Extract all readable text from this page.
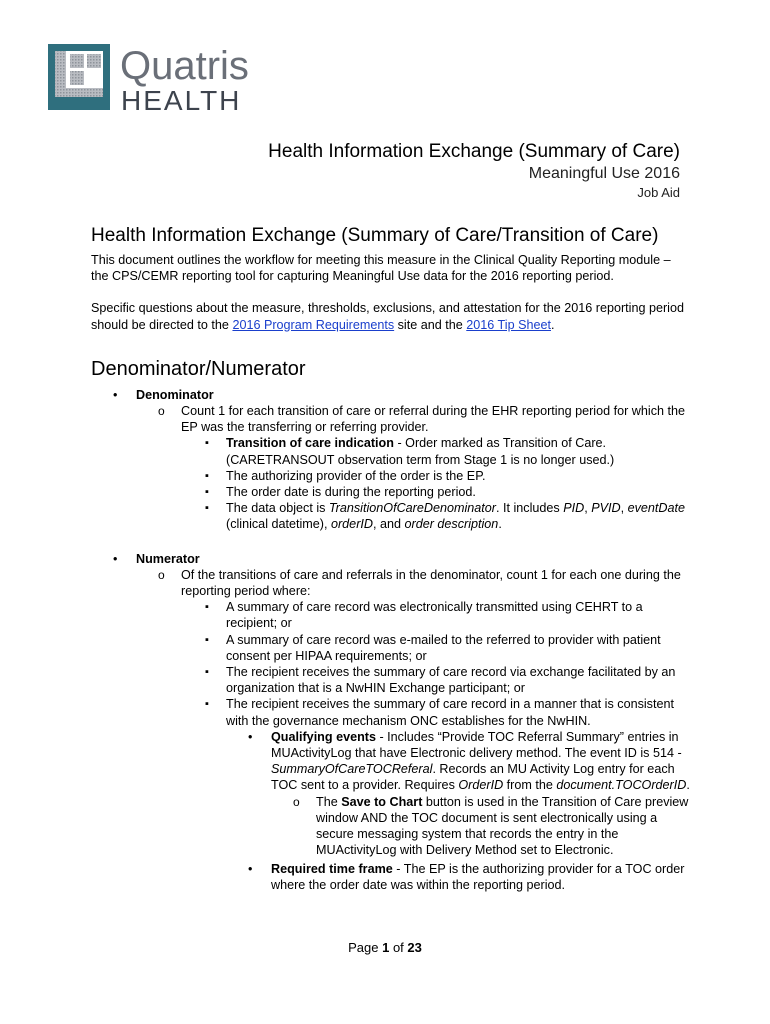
Quatris
HEALTH
Health Information Exchange (Summary of Care)
Meaningful Use 2016
Job Aid
Health Information Exchange (Summary of Care/Transition of Care)

This document outlines the workflow for meeting this measure in the Clinical Quality Reporting module – the CPS/CEMR reporting tool for capturing Meaningful Use data for the 2016 reporting period.

Specific questions about the measure, thresholds, exclusions, and attestation for the 2016 reporting period should be directed to the 2016 Program Requirements site and the 2016 Tip Sheet.

Denominator/Numerator
• Denominator
o Count 1 for each transition of care or referral during the EHR reporting period for which the EP was the transferring or referring provider.
▪ Transition of care indication - Order marked as Transition of Care. (CARETRANSOUT observation term from Stage 1 is no longer used.)
▪ The authorizing provider of the order is the EP.
▪ The order date is during the reporting period.
▪ The data object is TransitionOfCareDenominator. It includes PID, PVID, eventDate (clinical datetime), orderID, and order description.
• Numerator
o Of the transitions of care and referrals in the denominator, count 1 for each one during the reporting period where:
▪ A summary of care record was electronically transmitted using CEHRT to a recipient; or
▪ A summary of care record was e-mailed to the referred to provider with patient consent per HIPAA requirements; or
▪ The recipient receives the summary of care record via exchange facilitated by an organization that is a NwHIN Exchange participant; or
▪ The recipient receives the summary of care record in a manner that is consistent with the governance mechanism ONC establishes for the NwHIN.
• Qualifying events - Includes “Provide TOC Referral Summary” entries in MUActivityLog that have Electronic delivery method. The event ID is 514 - SummaryOfCareTOCReferal. Records an MU Activity Log entry for each TOC sent to a provider. Requires OrderID from the document.TOCOrderID.
o The Save to Chart button is used in the Transition of Care preview window AND the TOC document is sent electronically using a secure messaging system that records the entry in the MUActivityLog with Delivery Method set to Electronic.
• Required time frame - The EP is the authorizing provider for a TOC order where the order date was within the reporting period.
Page 1 of 23
